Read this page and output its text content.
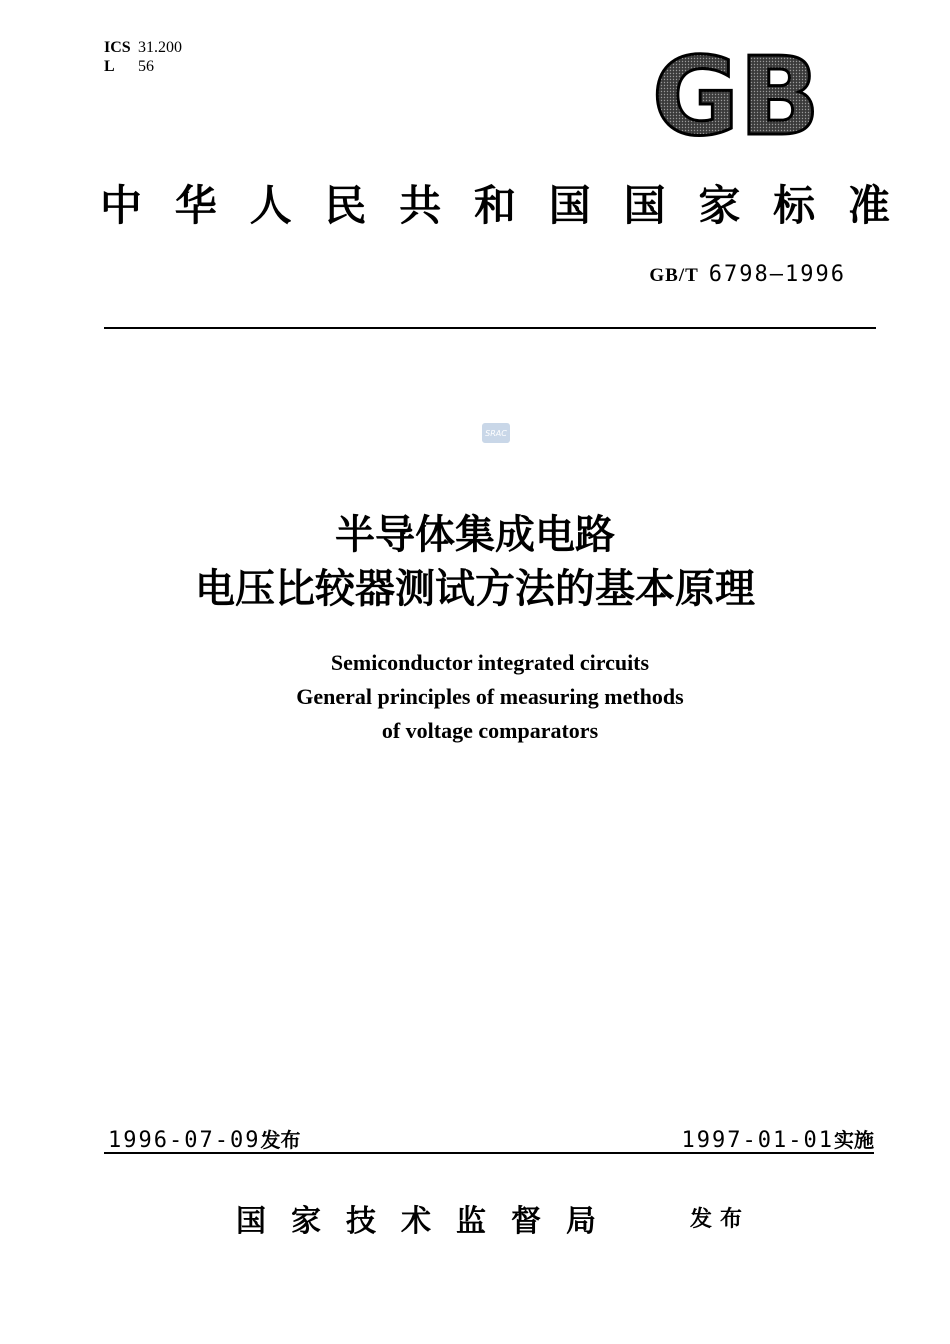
ICS 31.200
L 56	GB
中 华 人 民 共 和 国 国 家 标 准
GB/T 6798—1996
SRAC
半导体集成电路
电压比较器测试方法的基本原理
Semiconductor integrated circuits
General principles of measuring methods
of voltage comparators
1996-07-09发布	1997-01-01实施
国家技术监督局	发布
